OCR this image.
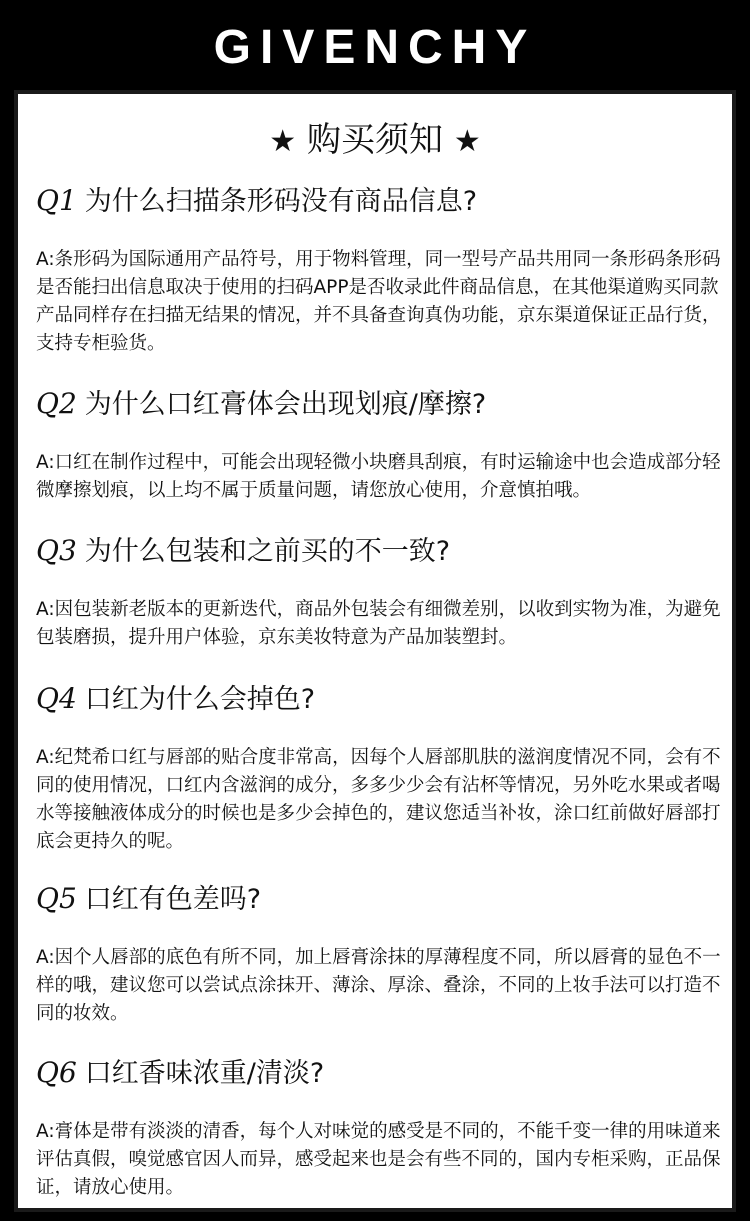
GIVENCHY
★ 购买须知 ★
Q1 为什么扫描条形码没有商品信息?
A:条形码为国际通用产品符号，用于物料管理，同一型号产品共用同一条形码条形码是否能扫出信息取决于使用的扫码APP是否收录此件商品信息，在其他渠道购买同款产品同样存在扫描无结果的情况，并不具备查询真伪功能，京东渠道保证正品行货，支持专柜验货。
Q2 为什么口红膏体会出现划痕/摩擦?
A:口红在制作过程中，可能会出现轻微小块磨具刮痕，有时运输途中也会造成部分轻微摩擦划痕，以上均不属于质量问题，请您放心使用，介意慎拍哦。
Q3 为什么包装和之前买的不一致?
A:因包装新老版本的更新迭代，商品外包装会有细微差别，以收到实物为准，为避免包装磨损，提升用户体验，京东美妆特意为产品加装塑封。
Q4 口红为什么会掉色?
A:纪梵希口红与唇部的贴合度非常高，因每个人唇部肌肤的滋润度情况不同，会有不同的使用情况，口红内含滋润的成分，多多少少会有沾杯等情况，另外吃水果或者喝水等接触液体成分的时候也是多少会掉色的，建议您适当补妆，涂口红前做好唇部打底会更持久的呢。
Q5 口红有色差吗?
A:因个人唇部的底色有所不同，加上唇膏涂抹的厚薄程度不同，所以唇膏的显色不一样的哦，建议您可以尝试点涂抹开、薄涂、厚涂、叠涂，不同的上妆手法可以打造不同的妆效。
Q6 口红香味浓重/清淡?
A:膏体是带有淡淡的清香，每个人对味觉的感受是不同的，不能千变一律的用味道来评估真假，嗅觉感官因人而异，感受起来也是会有些不同的，国内专柜采购，正品保证，请放心使用。
